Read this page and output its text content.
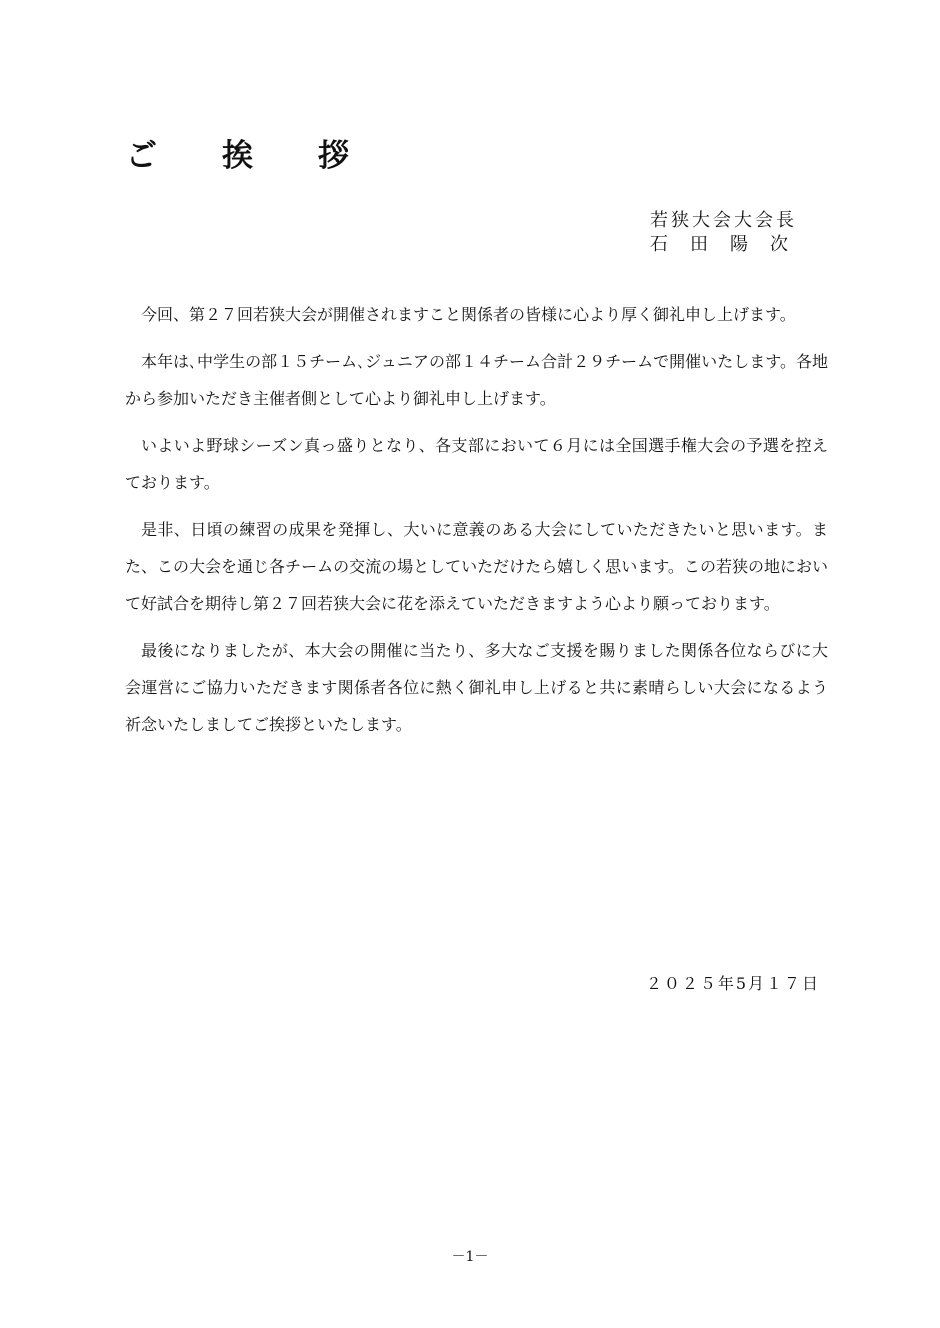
ご	挨	拶
若狭大会大会長
石田陽次

今回、第２７回若狭大会が開催されますこと関係者の皆様に心より厚く御礼申し上げます。

本年は､中学生の部１５チーム､ジュニアの部１４チーム合計２９チームで開催いたします。各地から参加いただき主催者側として心より御礼申し上げます。

いよいよ野球シーズン真っ盛りとなり、各支部において６月には全国選手権大会の予選を控えております。

是非、日頃の練習の成果を発揮し、大いに意義のある大会にしていただきたいと思います。また、この大会を通じ各チームの交流の場としていただけたら嬉しく思います。この若狭の地において好試合を期待し第２７回若狭大会に花を添えていただきますよう心より願っております。

最後になりましたが、本大会の開催に当たり、多大なご支援を賜りました関係各位ならびに大会運営にご協力いただきます関係者各位に熱く御礼申し上げると共に素晴らしい大会になるよう祈念いたしましてご挨拶といたします。

２０２５年5月１７日
－1－
